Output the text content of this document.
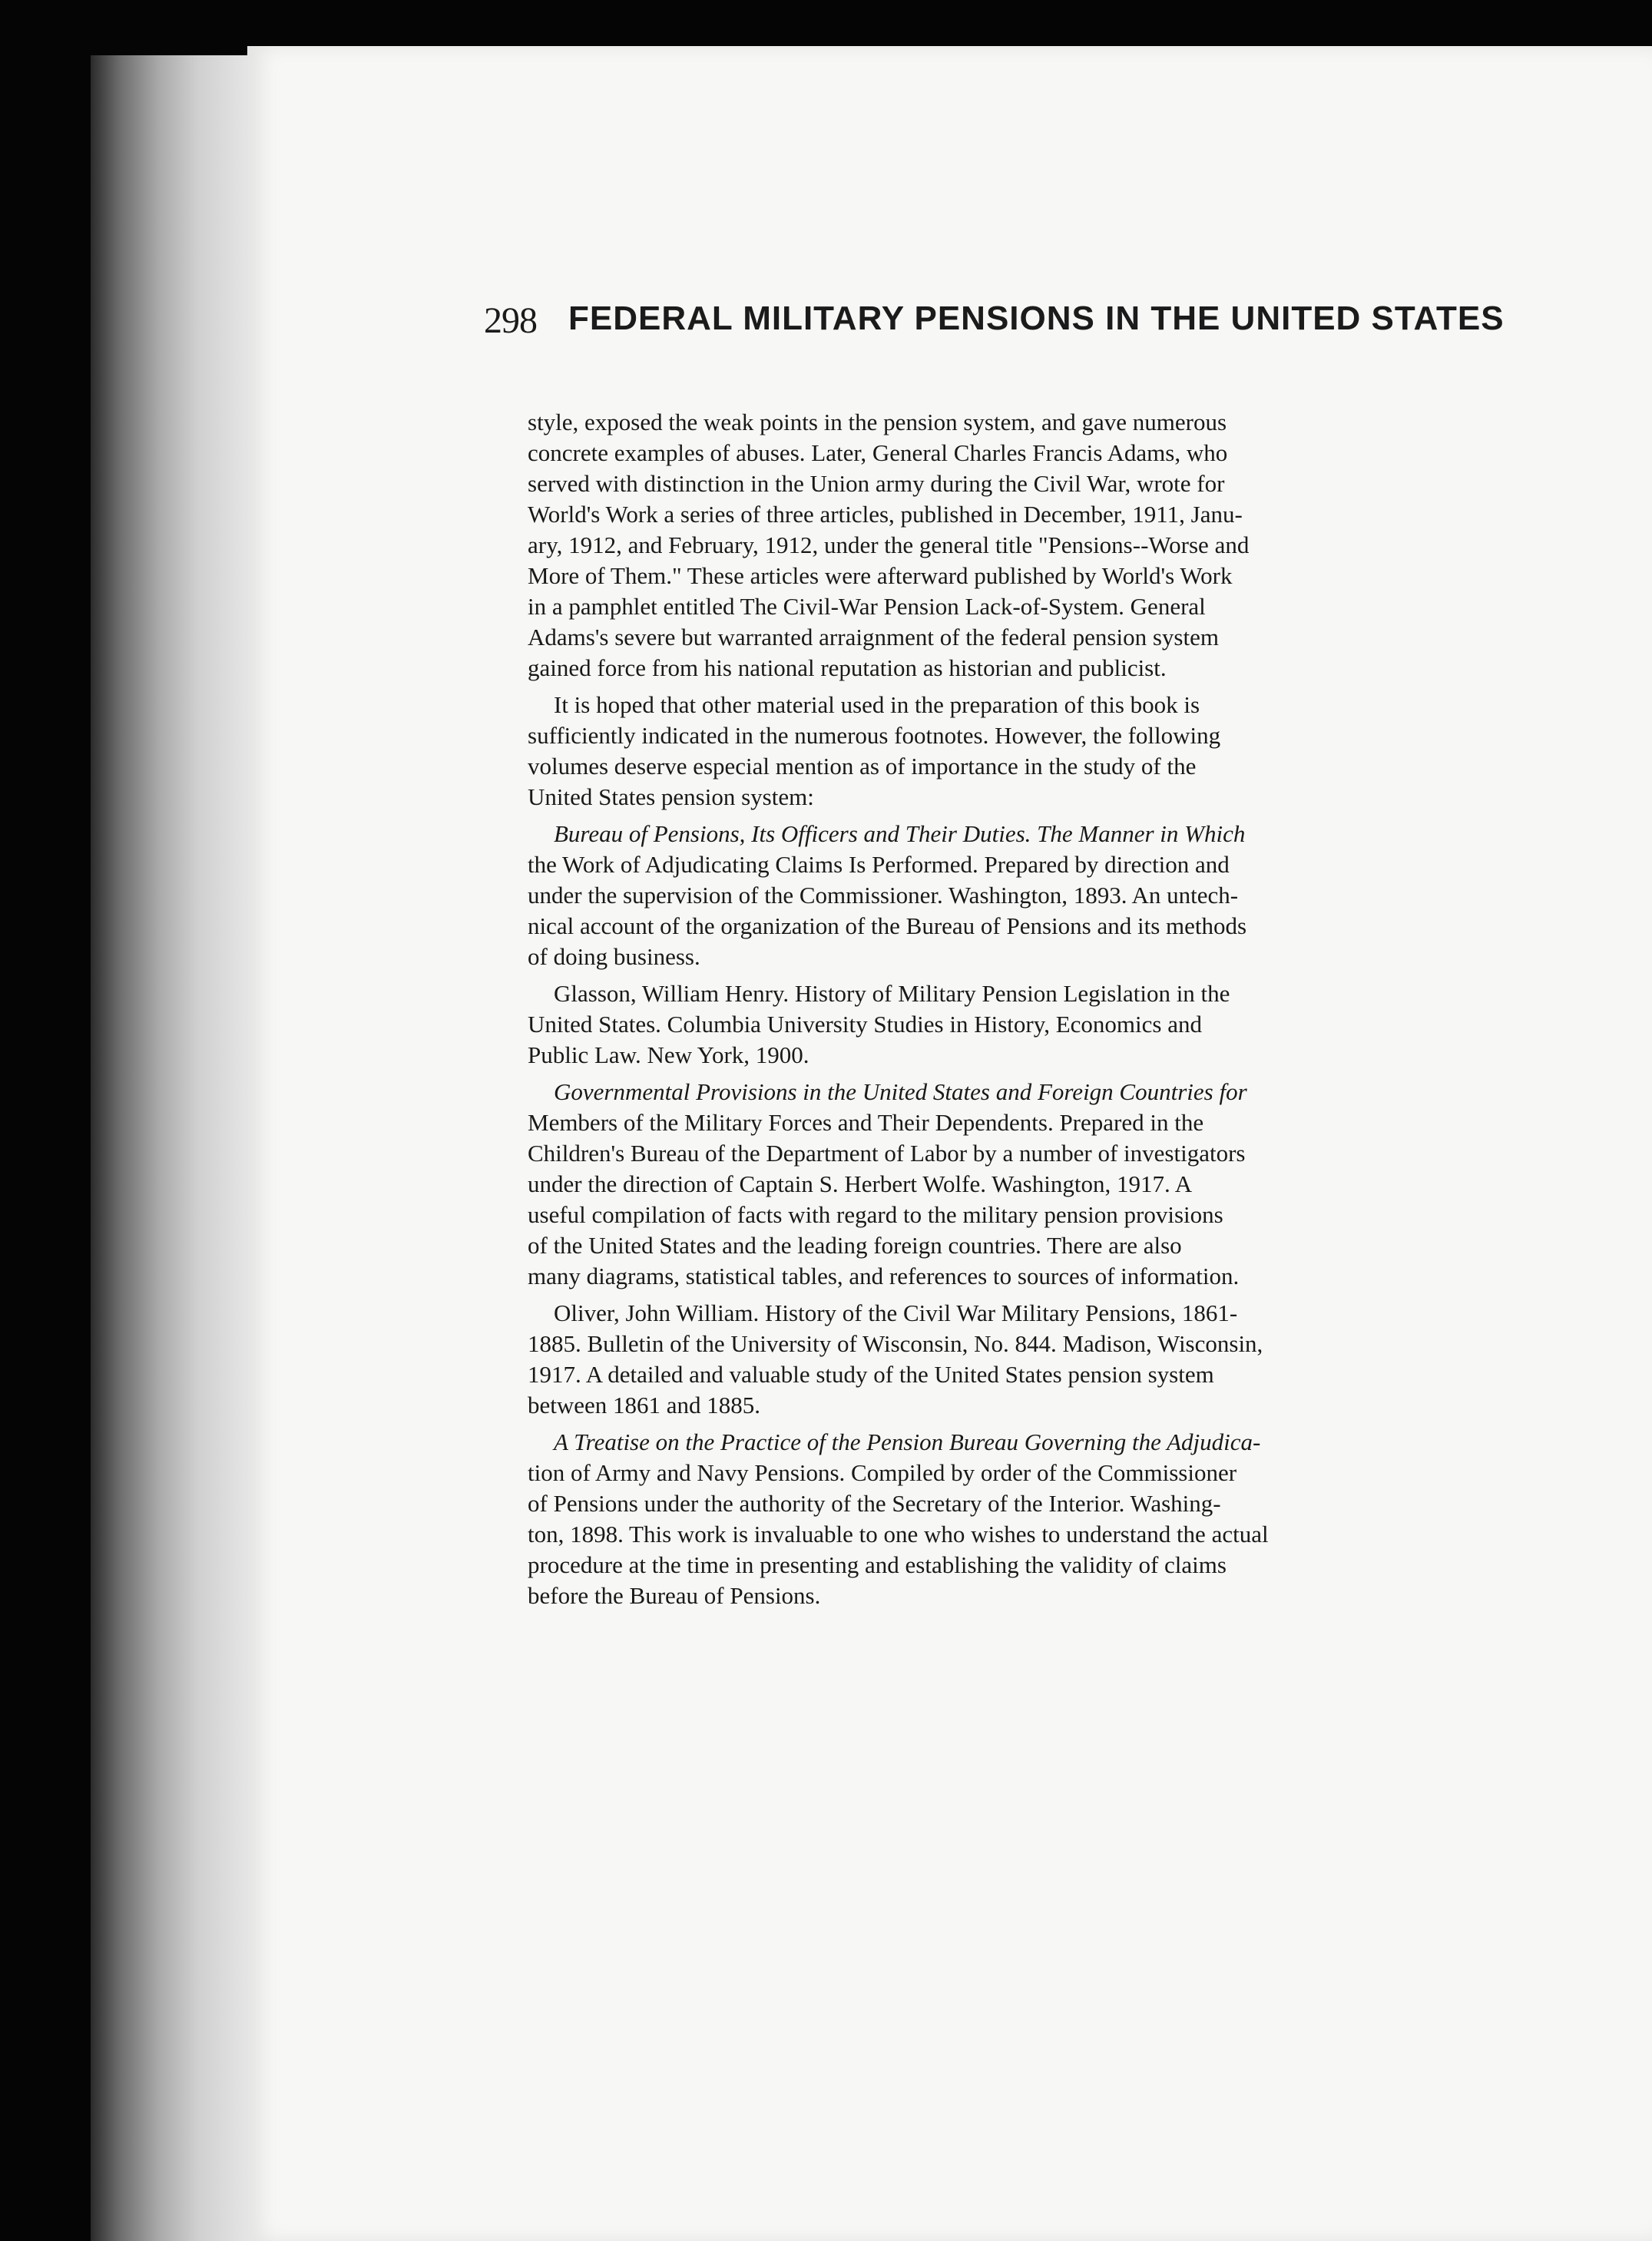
298 FEDERAL MILITARY PENSIONS IN THE UNITED STATES

style, exposed the weak points in the pension system, and gave numerous
concrete examples of abuses. Later, General Charles Francis Adams, who
served with distinction in the Union army during the Civil War, wrote for
World's Work a series of three articles, published in December, 1911, Janu-
ary, 1912, and February, 1912, under the general title "Pensions--Worse and
More of Them." These articles were afterward published by World's Work
in a pamphlet entitled The Civil-War Pension Lack-of-System. General
Adams's severe but warranted arraignment of the federal pension system
gained force from his national reputation as historian and publicist.

It is hoped that other material used in the preparation of this book is
sufficiently indicated in the numerous footnotes. However, the following
volumes deserve especial mention as of importance in the study of the
United States pension system:

Bureau of Pensions, Its Officers and Their Duties. The Manner in Which
the Work of Adjudicating Claims Is Performed. Prepared by direction and
under the supervision of the Commissioner. Washington, 1893. An untech-
nical account of the organization of the Bureau of Pensions and its methods
of doing business.

Glasson, William Henry. History of Military Pension Legislation in the
United States. Columbia University Studies in History, Economics and
Public Law. New York, 1900.

Governmental Provisions in the United States and Foreign Countries for
Members of the Military Forces and Their Dependents. Prepared in the
Children's Bureau of the Department of Labor by a number of investigators
under the direction of Captain S. Herbert Wolfe. Washington, 1917. A
useful compilation of facts with regard to the military pension provisions
of the United States and the leading foreign countries. There are also
many diagrams, statistical tables, and references to sources of information.

Oliver, John William. History of the Civil War Military Pensions, 1861-
1885. Bulletin of the University of Wisconsin, No. 844. Madison, Wisconsin,
1917. A detailed and valuable study of the United States pension system
between 1861 and 1885.

A Treatise on the Practice of the Pension Bureau Governing the Adjudica-
tion of Army and Navy Pensions. Compiled by order of the Commissioner
of Pensions under the authority of the Secretary of the Interior. Washing-
ton, 1898. This work is invaluable to one who wishes to understand the actual
procedure at the time in presenting and establishing the validity of claims
before the Bureau of Pensions.
